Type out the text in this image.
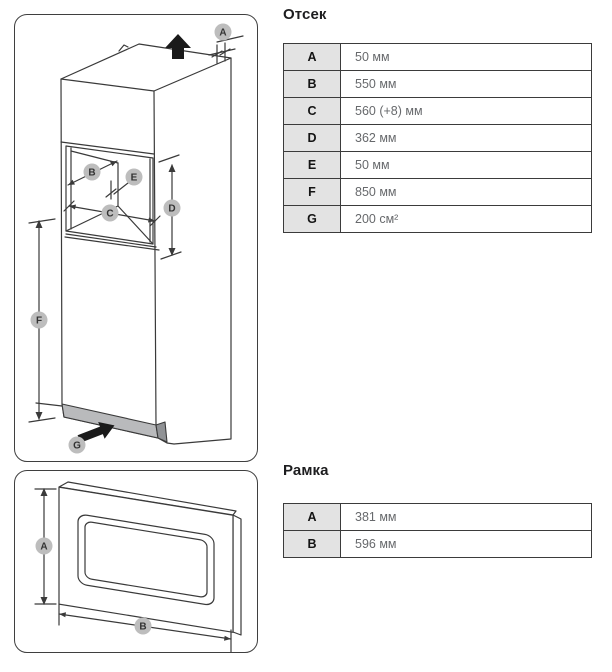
A
B	E
C	D
F
G
A
B
Отсек
A	50 мм
B	550 мм
C	560 (+8) мм
D	362 мм
E	50 мм
F	850 мм
G	200 см²
Рамка
A	381 мм
B	596 мм
